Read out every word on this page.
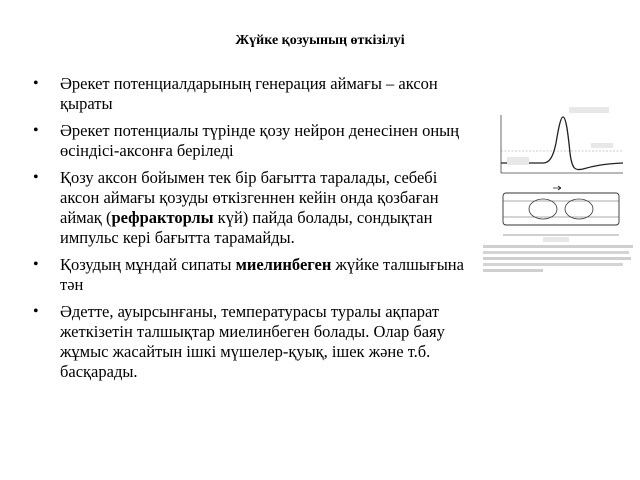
Жүйке қозуының өткізілуі
• Әрекет потенциалдарының генерация аймағы – аксон қыраты
• Әрекет потенциалы түрінде қозу нейрон денесінен оның өсіндісі-аксонға беріледі
• Қозу аксон бойымен тек бір бағытта таралады, себебі аксон аймағы қозуды өткізгеннен кейін онда қозбаған аймақ (рефракторлы күй) пайда болады, сондықтан импульс кері бағытта тарамайды.
• Қозудың мұндай сипаты миелинбеген жүйке талшығына тән
• Әдетте, ауырсынғаны, температурасы туралы ақпарат жеткізетін талшықтар миелинбеген болады. Олар баяу жұмыс жасайтын ішкі мүшелер-қуық, ішек және т.б. басқарады.
